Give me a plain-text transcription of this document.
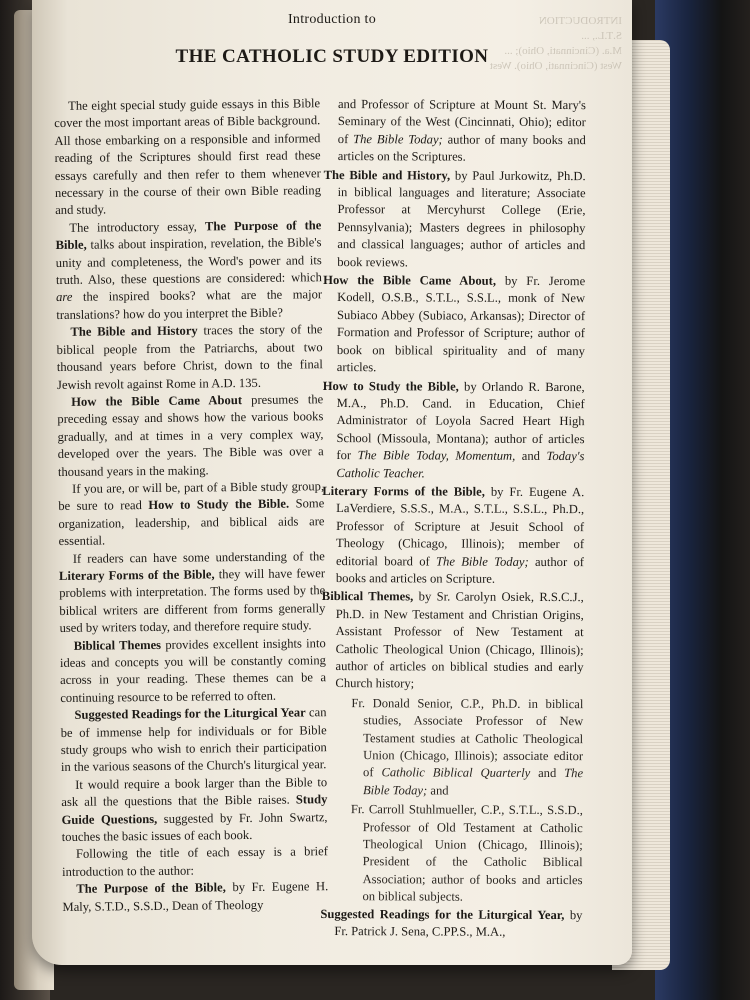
INTRODUCTION
S.T.L., ...
M.a. (Cincinnati, Ohio); ...
West (Cincinnati, Ohio). West
Introduction to
THE CATHOLIC STUDY EDITION

The eight special study guide essays in this Bible cover the most important areas of Bible background. All those embarking on a responsible and informed reading of the Scriptures should first read these essays carefully and then refer to them whenever necessary in the course of their own Bible reading and study.

The introductory essay, The Purpose of the Bible, talks about inspiration, revelation, the Bible's unity and completeness, the Word's power and its truth. Also, these questions are considered: which are the inspired books? what are the major translations? how do you interpret the Bible?

The Bible and History traces the story of the biblical people from the Patriarchs, about two thousand years before Christ, down to the final Jewish revolt against Rome in A.D. 135.

How the Bible Came About presumes the preceding essay and shows how the various books gradually, and at times in a very complex way, developed over the years. The Bible was over a thousand years in the making.

If you are, or will be, part of a Bible study group, be sure to read How to Study the Bible. Some organization, leadership, and biblical aids are essential.

If readers can have some understanding of the Literary Forms of the Bible, they will have fewer problems with interpretation. The forms used by the biblical writers are different from forms generally used by writers today, and therefore require study.

Biblical Themes provides excellent insights into ideas and concepts you will be constantly coming across in your reading. These themes can be a continuing resource to be referred to often.

Suggested Readings for the Liturgical Year can be of immense help for individuals or for Bible study groups who wish to enrich their participation in the various seasons of the Church's liturgical year.

It would require a book larger than the Bible to ask all the questions that the Bible raises. Study Guide Questions, suggested by Fr. John Swartz, touches the basic issues of each book.

Following the title of each essay is a brief introduction to the author:

The Purpose of the Bible, by Fr. Eugene H. Maly, S.T.D., S.S.D., Dean of Theology

and Professor of Scripture at Mount St. Mary's Seminary of the West (Cincinnati, Ohio); editor of The Bible Today; author of many books and articles on the Scriptures.

The Bible and History, by Paul Jurkowitz, Ph.D. in biblical languages and literature; Associate Professor at Mercyhurst College (Erie, Pennsylvania); Masters degrees in philosophy and classical languages; author of articles and book reviews.

How the Bible Came About, by Fr. Jerome Kodell, O.S.B., S.T.L., S.S.L., monk of New Subiaco Abbey (Subiaco, Arkansas); Director of Formation and Professor of Scripture; author of book on biblical spirituality and of many articles.

How to Study the Bible, by Orlando R. Barone, M.A., Ph.D. Cand. in Education, Chief Administrator of Loyola Sacred Heart High School (Missoula, Montana); author of articles for The Bible Today, Momentum, and Today's Catholic Teacher.

Literary Forms of the Bible, by Fr. Eugene A. LaVerdiere, S.S.S., M.A., S.T.L., S.S.L., Ph.D., Professor of Scripture at Jesuit School of Theology (Chicago, Illinois); member of editorial board of The Bible Today; author of books and articles on Scripture.

Biblical Themes, by Sr. Carolyn Osiek, R.S.C.J., Ph.D. in New Testament and Christian Origins, Assistant Professor of New Testament at Catholic Theological Union (Chicago, Illinois); author of articles on biblical studies and early Church history;

Fr. Donald Senior, C.P., Ph.D. in biblical studies, Associate Professor of New Testament studies at Catholic Theological Union (Chicago, Illinois); associate editor of Catholic Biblical Quarterly and The Bible Today; and

Fr. Carroll Stuhlmueller, C.P., S.T.L., S.S.D., Professor of Old Testament at Catholic Theological Union (Chicago, Illinois); President of the Catholic Biblical Association; author of books and articles on biblical subjects.

Suggested Readings for the Liturgical Year, by Fr. Patrick J. Sena, C.PP.S., M.A.,
